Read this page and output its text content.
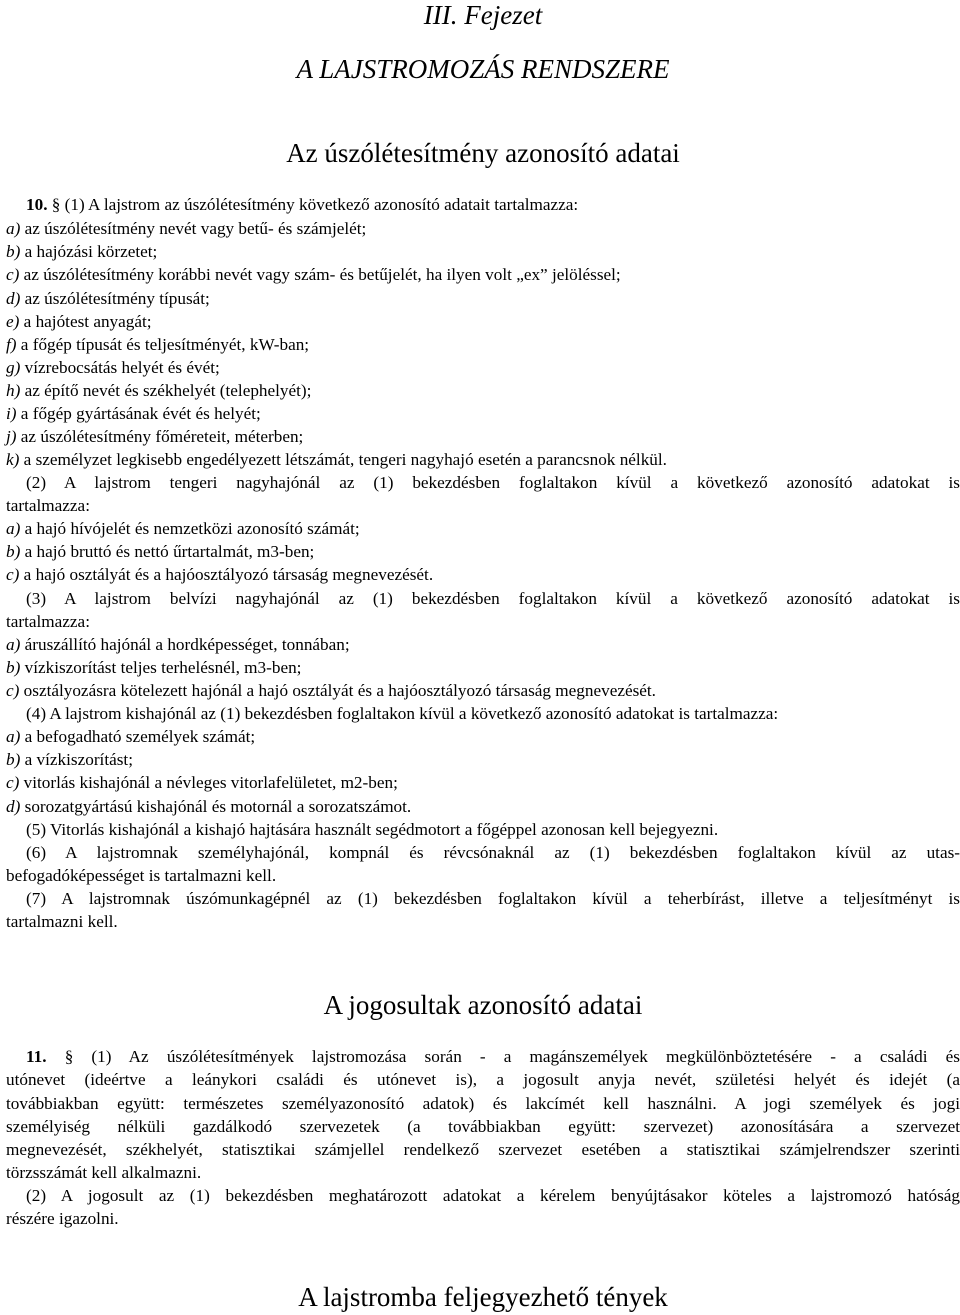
III. Fejezet
A LAJSTROMOZÁS RENDSZERE
Az úszólétesítmény azonosító adatai
10. § (1) A lajstrom az úszólétesítmény következő azonosító adatait tartalmazza:
a) az úszólétesítmény nevét vagy betű- és számjelét;
b) a hajózási körzetet;
c) az úszólétesítmény korábbi nevét vagy szám- és betűjelét, ha ilyen volt „ex” jelöléssel;
d) az úszólétesítmény típusát;
e) a hajótest anyagát;
f) a főgép típusát és teljesítményét, kW-ban;
g) vízrebocsátás helyét és évét;
h) az építő nevét és székhelyét (telephelyét);
i) a főgép gyártásának évét és helyét;
j) az úszólétesítmény főméreteit, méterben;
k) a személyzet legkisebb engedélyezett létszámát, tengeri nagyhajó esetén a parancsnok nélkül.
(2) A lajstrom tengeri nagyhajónál az (1) bekezdésben foglaltakon kívül a következő azonosító adatokat is
tartalmazza:
a) a hajó hívójelét és nemzetközi azonosító számát;
b) a hajó bruttó és nettó űrtartalmát, m3-ben;
c) a hajó osztályát és a hajóosztályozó társaság megnevezését.
(3) A lajstrom belvízi nagyhajónál az (1) bekezdésben foglaltakon kívül a következő azonosító adatokat is
tartalmazza:
a) áruszállító hajónál a hordképességet, tonnában;
b) vízkiszorítást teljes terhelésnél, m3-ben;
c) osztályozásra kötelezett hajónál a hajó osztályát és a hajóosztályozó társaság megnevezését.
(4) A lajstrom kishajónál az (1) bekezdésben foglaltakon kívül a következő azonosító adatokat is tartalmazza:
a) a befogadható személyek számát;
b) a vízkiszorítást;
c) vitorlás kishajónál a névleges vitorlafelületet, m2-ben;
d) sorozatgyártású kishajónál és motornál a sorozatszámot.
(5) Vitorlás kishajónál a kishajó hajtására használt segédmotort a főgéppel azonosan kell bejegyezni.
(6) A lajstromnak személyhajónál, kompnál és révcsónaknál az (1) bekezdésben foglaltakon kívül az utas-
befogadóképességet is tartalmazni kell.
(7) A lajstromnak úszómunkagépnél az (1) bekezdésben foglaltakon kívül a teherbírást, illetve a teljesítményt is
tartalmazni kell.
A jogosultak azonosító adatai
11. § (1) Az úszólétesítmények lajstromozása során - a magánszemélyek megkülönböztetésére - a családi és
utónevet (ideértve a leánykori családi és utónevet is), a jogosult anyja nevét, születési helyét és idejét (a
továbbiakban együtt: természetes személyazonosító adatok) és lakcímét kell használni. A jogi személyek és jogi
személyiség nélküli gazdálkodó szervezetek (a továbbiakban együtt: szervezet) azonosítására a szervezet
megnevezését, székhelyét, statisztikai számjellel rendelkező szervezet esetében a statisztikai számjelrendszer szerinti
törzsszámát kell alkalmazni.
(2) A jogosult az (1) bekezdésben meghatározott adatokat a kérelem benyújtásakor köteles a lajstromozó hatóság
részére igazolni.
A lajstromba feljegyezhető tények
